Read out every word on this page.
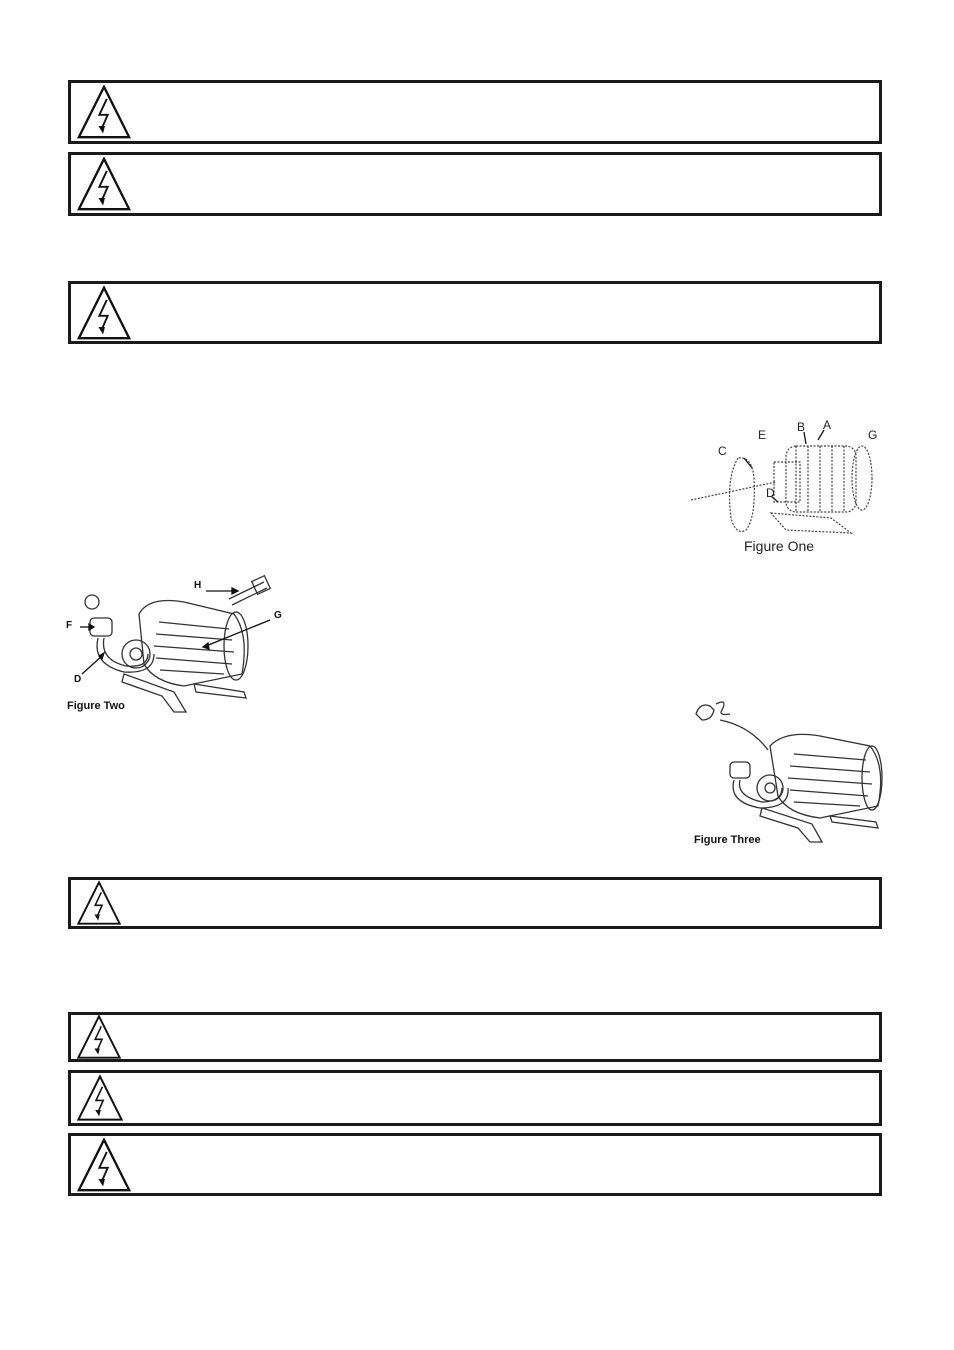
B A
G
E
C
D
Figure One
H
G
F
D
Figure Two
Figure Three
